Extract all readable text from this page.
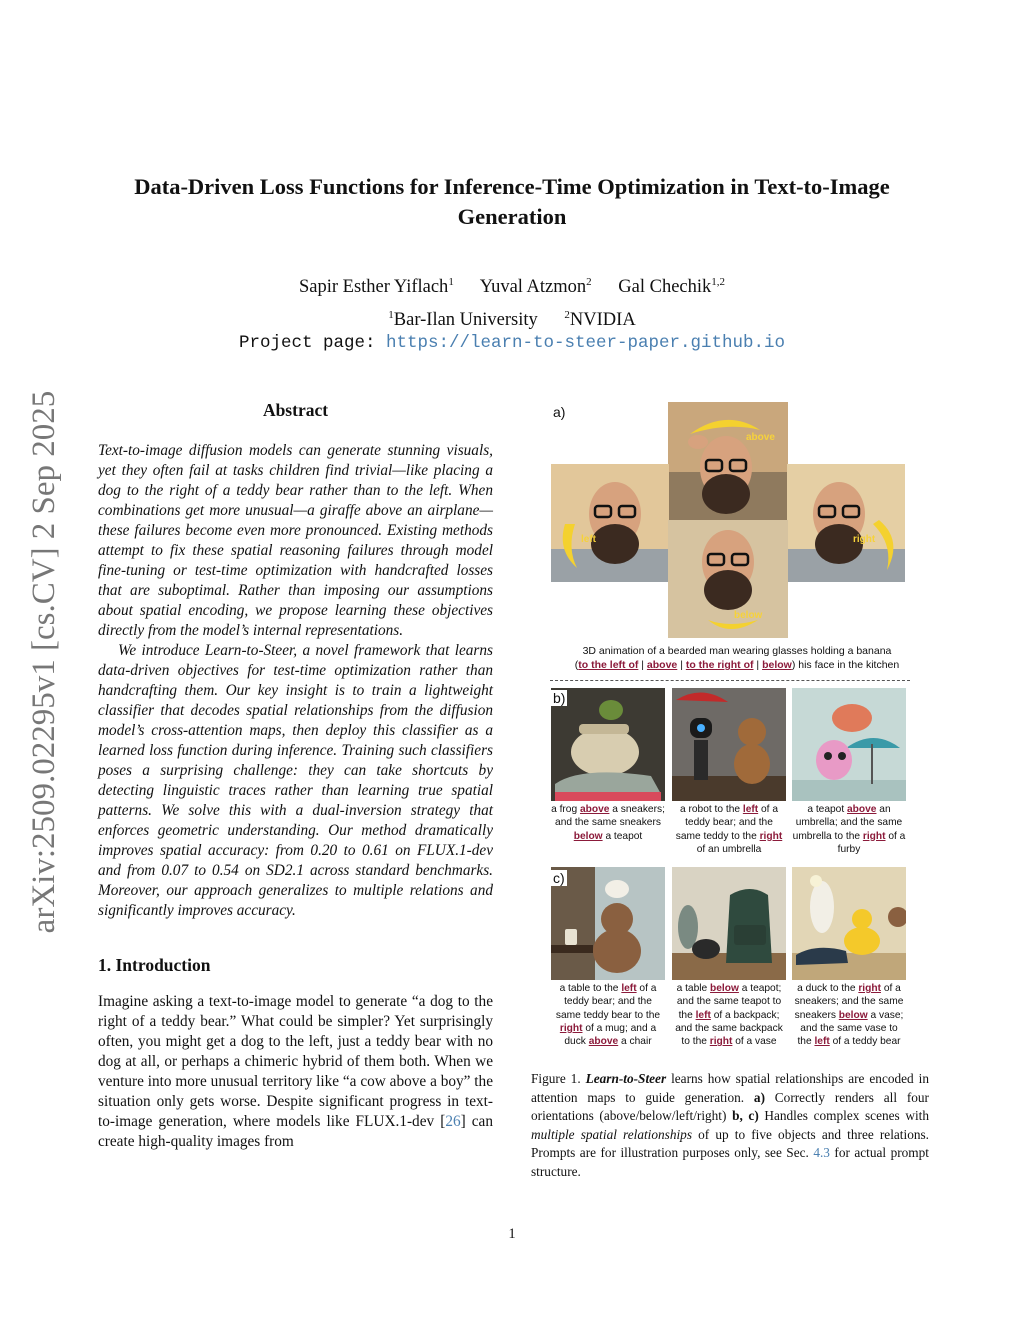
arXiv:2509.02295v1 [cs.CV] 2 Sep 2025
Data-Driven Loss Functions for Inference-Time Optimization in Text-to-Image Generation
Sapir Esther Yiflach$^1$ Yuval Atzmon$^2$ Gal Chechik$^{1,2}$
$^1$Bar-Ilan University $^2$NVIDIA
Project page: https://learn-to-steer-paper.github.io
Abstract

Text-to-image diffusion models can generate stunning visuals, yet they often fail at tasks children find trivial—like placing a dog to the right of a teddy bear rather than to the left. When combinations get more unusual—a giraffe above an airplane—these failures become even more pronounced. Existing methods attempt to fix these spatial reasoning failures through model fine-tuning or test-time optimization with handcrafted losses that are suboptimal. Rather than imposing our assumptions about spatial encoding, we propose learning these objectives directly from the model’s internal representations.

We introduce Learn-to-Steer, a novel framework that learns data-driven objectives for test-time optimization rather than handcrafting them. Our key insight is to train a lightweight classifier that decodes spatial relationships from the diffusion model’s cross-attention maps, then deploy this classifier as a learned loss function during inference. Training such classifiers poses a surprising challenge: they can take shortcuts by detecting linguistic traces rather than learning true spatial patterns. We solve this with a dual-inversion strategy that enforces geometric understanding. Our method dramatically improves spatial accuracy: from 0.20 to 0.61 on FLUX.1-dev and from 0.07 to 0.54 on SD2.1 across standard benchmarks. Moreover, our approach generalizes to multiple relations and significantly improves accuracy.

1. Introduction

Imagine asking a text-to-image model to generate “a dog to the right of a teddy bear.” What could be simpler? Yet surprisingly often, you might get a dog to the left, just a teddy bear with no dog at all, or perhaps a chimeric hybrid of them both. When we venture into more unusual territory like “a cow above a boy” the situation only gets worse. Despite significant progress in text-to-image generation, where models like FLUX.1-dev [26] can create high-quality images from

a)
above
left	right
below
3D animation of a bearded man wearing glasses holding a banana
(to the left of | above | to the right of | below) his face in the kitchen
b)
a frog above a sneakers; and the same sneakers below a teapot
a robot to the left of a teddy bear; and the same teddy to the right of an umbrella
a teapot above an umbrella; and the same umbrella to the right of a furby
c)
a table to the left of a teddy bear; and the same teddy bear to the right of a mug; and a duck above a chair
a table below a teapot; and the same teapot to the left of a backpack; and the same backpack to the right of a vase
a duck to the right of a sneakers; and the same sneakers below a vase; and the same vase to the left of a teddy bear

Figure 1. Learn-to-Steer learns how spatial relationships are encoded in attention maps to guide generation. a) Correctly renders all four orientations (above/below/left/right) b, c) Handles complex scenes with multiple spatial relationships of up to five objects and three relations. Prompts are for illustration purposes only, see Sec. 4.3 for actual prompt structure.

1
